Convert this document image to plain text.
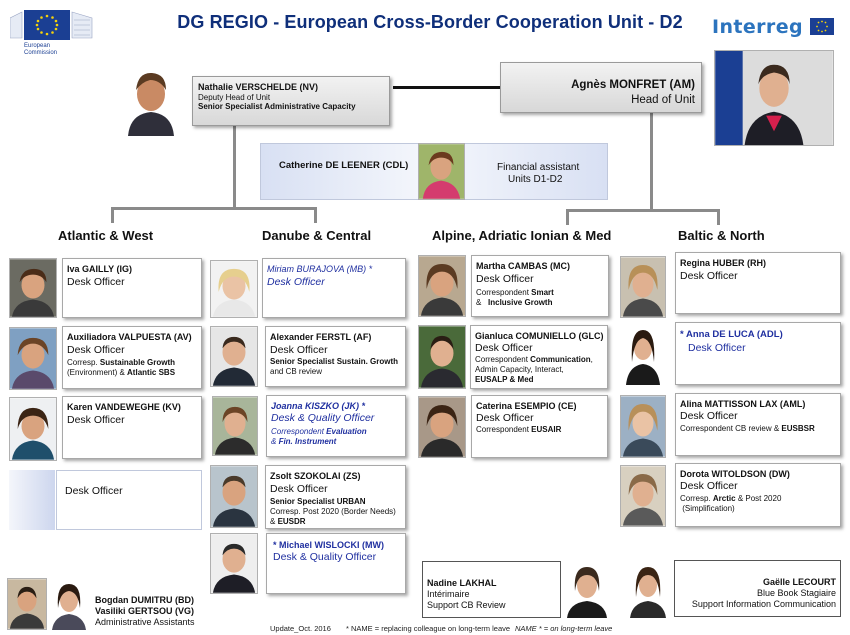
European
Commission
DG REGIO - European Cross-Border Cooperation Unit - D2	Interreg
Nathalie VERSCHELDE (NV)
Deputy Head of Unit
Senior Specialist Administrative Capacity
Agnès MONFRET (AM)
Head of Unit
Catherine DE LEENER (CDL)	Financial assistant
Units D1-D2
Atlantic & West	Danube & Central	Alpine, Adriatic Ionian & Med	Baltic & North
Iva GAILLY (IG)
Desk Officer
Auxiliadora VALPUESTA (AV)
Desk Officer
Corresp. Sustainable Growth
(Environment) & Atlantic SBS
Karen VANDEWEGHE (KV)
Desk Officer
Desk Officer
Miriam BURAJOVA (MB) *
Desk Officer
Alexander FERSTL (AF)
Desk Officer
Senior Specialist Sustain. Growth
and CB review
Joanna KISZKO (JK) *
Desk & Quality Officer
Correspondent Evaluation
& Fin. Instrument
Zsolt SZOKOLAI (ZS)
Desk Officer
Senior Specialist URBAN
Corresp. Post 2020 (Border Needs)
& EUSDR
* Michael WISLOCKI (MW)
Desk & Quality Officer
Martha CAMBAS (MC)
Desk Officer
Correspondent Smart
&   Inclusive Growth
Gianluca COMUNIELLO (GLC)
Desk Officer
Correspondent Communication,
Admin Capacity, Interact,
EUSALP & Med
Caterina ESEMPIO (CE)
Desk Officer
Correspondent EUSAIR
Regina HUBER (RH)
Desk Officer
* Anna DE LUCA (ADL)
Desk Officer
Alina MATTISSON LAX (AML)
Desk Officer
Correspondent CB review & EUSBSR
Dorota WITOLDSON (DW)
Desk Officer
Corresp. Arctic & Post 2020
(Simplification)
Bogdan DUMITRU (BD)
Vasiliki GERTSOU (VG)
Administrative Assistants
Nadine LAKHAL
Intérimaire
Support CB Review
Gaëlle LECOURT
Blue Book Stagiaire
Support Information Communication
Update_Oct. 2016 * NAME = replacing colleague on long-term leave NAME * = on long-term leave
